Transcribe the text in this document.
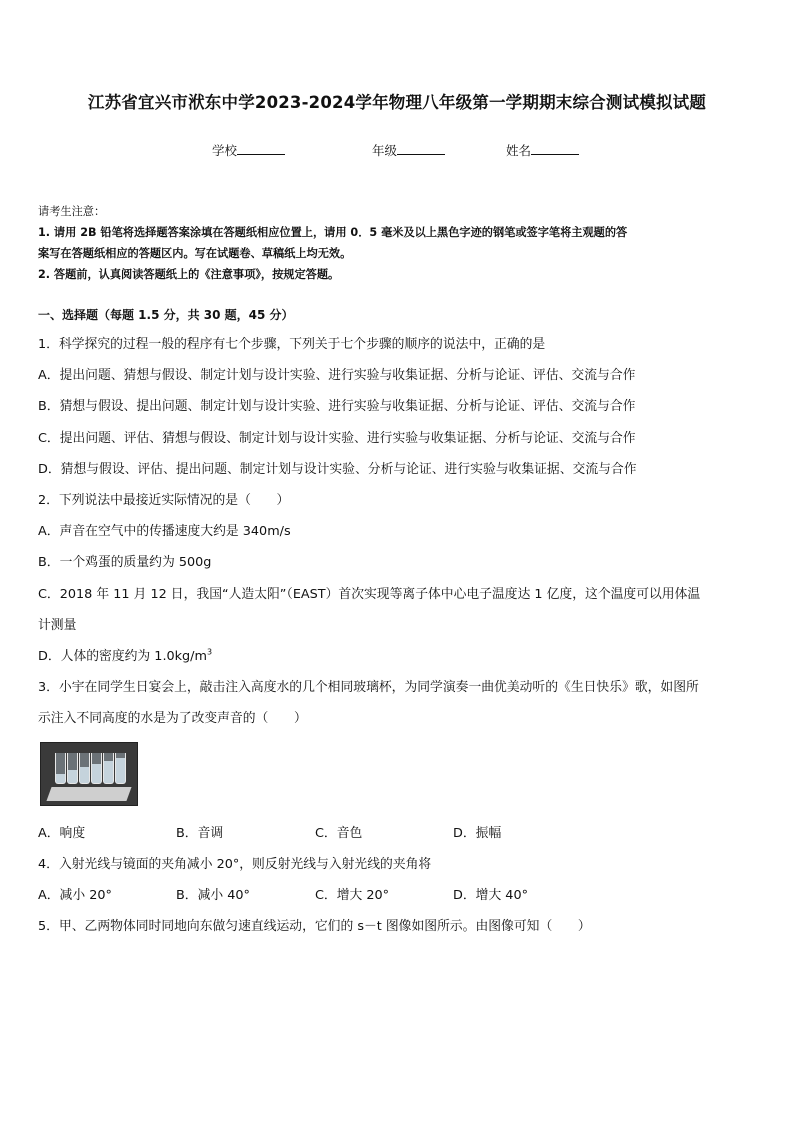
江苏省宜兴市洑东中学2023-2024学年物理八年级第一学期期末综合测试模拟试题
学校	年级	姓名
请考生注意：
1. 请用 2B 铅笔将选择题答案涂填在答题纸相应位置上，请用 0．5 毫米及以上黑色字迹的钢笔或签字笔将主观题的答
案写在答题纸相应的答题区内。写在试题卷、草稿纸上均无效。
2. 答题前，认真阅读答题纸上的《注意事项》，按规定答题。
一、选择题（每题 1.5 分，共 30 题，45 分）
1．科学探究的过程一般的程序有七个步骤，下列关于七个步骤的顺序的说法中，正确的是
A．提出问题、猜想与假设、制定计划与设计实验、进行实验与收集证据、分析与论证、评估、交流与合作
B．猜想与假设、提出问题、制定计划与设计实验、进行实验与收集证据、分析与论证、评估、交流与合作
C．提出问题、评估、猜想与假设、制定计划与设计实验、进行实验与收集证据、分析与论证、交流与合作
D．猜想与假设、评估、提出问题、制定计划与设计实验、分析与论证、进行实验与收集证据、交流与合作
2．下列说法中最接近实际情况的是（　　）
A．声音在空气中的传播速度大约是 340m/s
B．一个鸡蛋的质量约为 500g
C．2018 年 11 月 12 日，我国“人造太阳”（EAST）首次实现等离子体中心电子温度达 1 亿度，这个温度可以用体温
计测量
D．人体的密度约为 $1.0kg/m^3$
3．小宇在同学生日宴会上，敲击注入高度水的几个相同玻璃杯，为同学演奏一曲优美动听的《生日快乐》歌，如图所
示注入不同高度的水是为了改变声音的（　　）
A．响度	B．音调	C．音色	D．振幅
4．入射光线与镜面的夹角减小 20°，则反射光线与入射光线的夹角将
A．减小 20°	B．减小 40°	C．增大 20°	D．增大 40°
5．甲、乙两物体同时同地向东做匀速直线运动，它们的 s－t 图像如图所示。由图像可知（　　）
